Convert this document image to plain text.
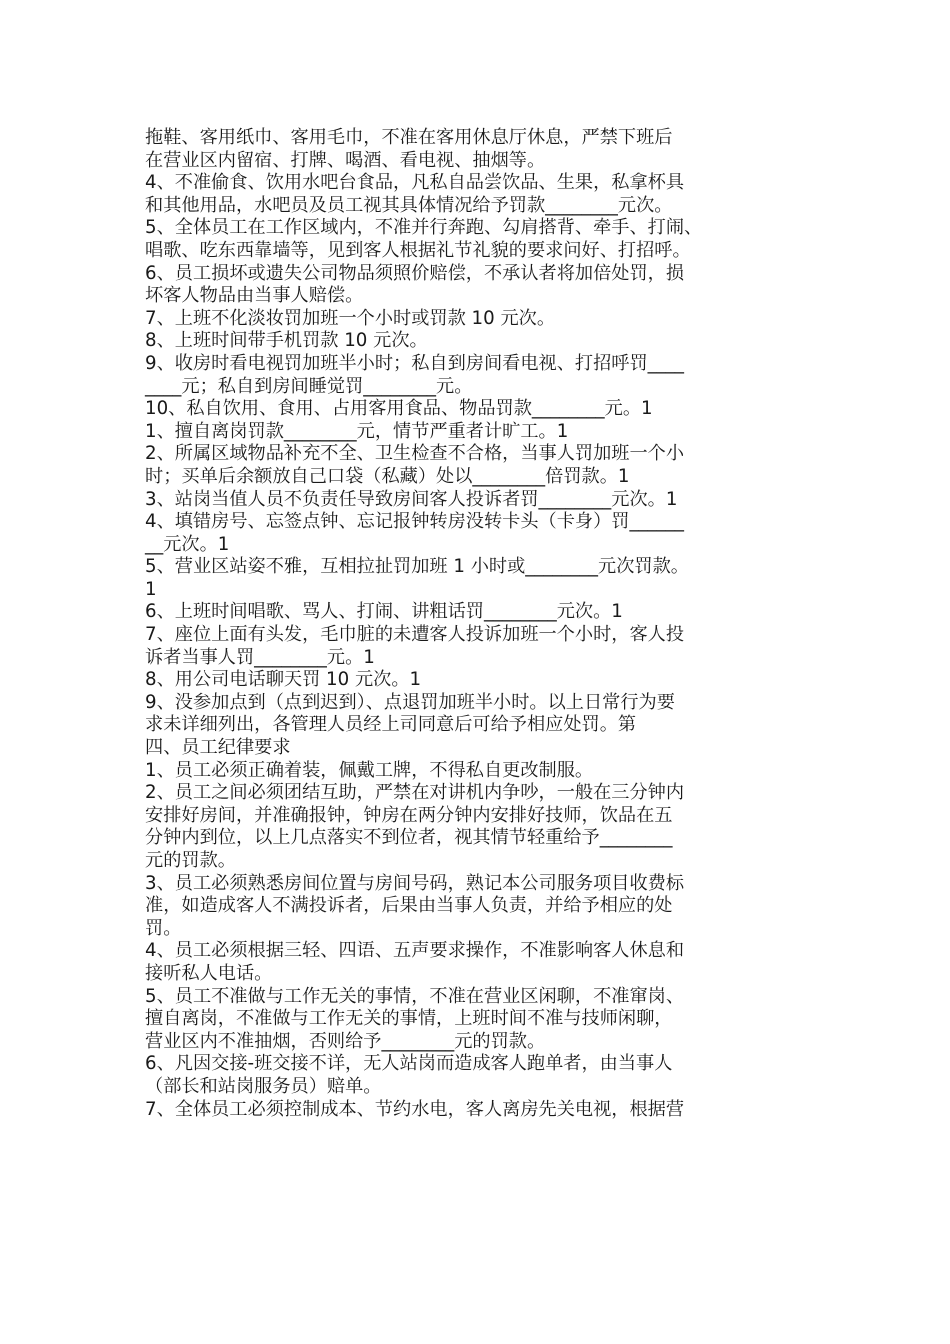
拖鞋、客用纸巾、客用毛巾，不准在客用休息厅休息，严禁下班后
在营业区内留宿、打牌、喝酒、看电视、抽烟等。
4、不准偷食、饮用水吧台食品，凡私自品尝饮品、生果，私拿杯具
和其他用品，水吧员及员工视其具体情况给予罚款________元次。
5、全体员工在工作区域内，不准并行奔跑、勾肩搭背、牵手、打闹、
唱歌、吃东西靠墙等，见到客人根据礼节礼貌的要求问好、打招呼。
6、员工损坏或遗失公司物品须照价赔偿，不承认者将加倍处罚，损
坏客人物品由当事人赔偿。
7、上班不化淡妆罚加班一个小时或罚款 10 元次。
8、上班时间带手机罚款 10 元次。
9、收房时看电视罚加班半小时；私自到房间看电视、打招呼罚____
____元；私自到房间睡觉罚________元。
10、私自饮用、食用、占用客用食品、物品罚款________元。1
1、擅自离岗罚款________元，情节严重者计旷工。1
2、所属区域物品补充不全、卫生检查不合格，当事人罚加班一个小
时；买单后余额放自己口袋（私藏）处以________倍罚款。1
3、站岗当值人员不负责任导致房间客人投诉者罚________元次。1
4、填错房号、忘签点钟、忘记报钟转房没转卡头（卡身）罚______
__元次。1
5、营业区站姿不雅，互相拉扯罚加班 1 小时或________元次罚款。
1
6、上班时间唱歌、骂人、打闹、讲粗话罚________元次。1
7、座位上面有头发，毛巾脏的未遭客人投诉加班一个小时，客人投
诉者当事人罚________元。1
8、用公司电话聊天罚 10 元次。1
9、没参加点到（点到迟到）、点退罚加班半小时。以上日常行为要
求未详细列出，各管理人员经上司同意后可给予相应处罚。第
四、员工纪律要求
1、员工必须正确着装，佩戴工牌，不得私自更改制服。
2、员工之间必须团结互助，严禁在对讲机内争吵，一般在三分钟内
安排好房间，并准确报钟，钟房在两分钟内安排好技师，饮品在五
分钟内到位，以上几点落实不到位者，视其情节轻重给予________
元的罚款。
3、员工必须熟悉房间位置与房间号码，熟记本公司服务项目收费标
准，如造成客人不满投诉者，后果由当事人负责，并给予相应的处
罚。
4、员工必须根据三轻、四语、五声要求操作，不准影响客人休息和
接听私人电话。
5、员工不准做与工作无关的事情，不准在营业区闲聊，不准窜岗、
擅自离岗，不准做与工作无关的事情，上班时间不准与技师闲聊，
营业区内不准抽烟，否则给予________元的罚款。
6、凡因交接-班交接不详，无人站岗而造成客人跑单者，由当事人
（部长和站岗服务员）赔单。
7、全体员工必须控制成本、节约水电，客人离房先关电视，根据营
